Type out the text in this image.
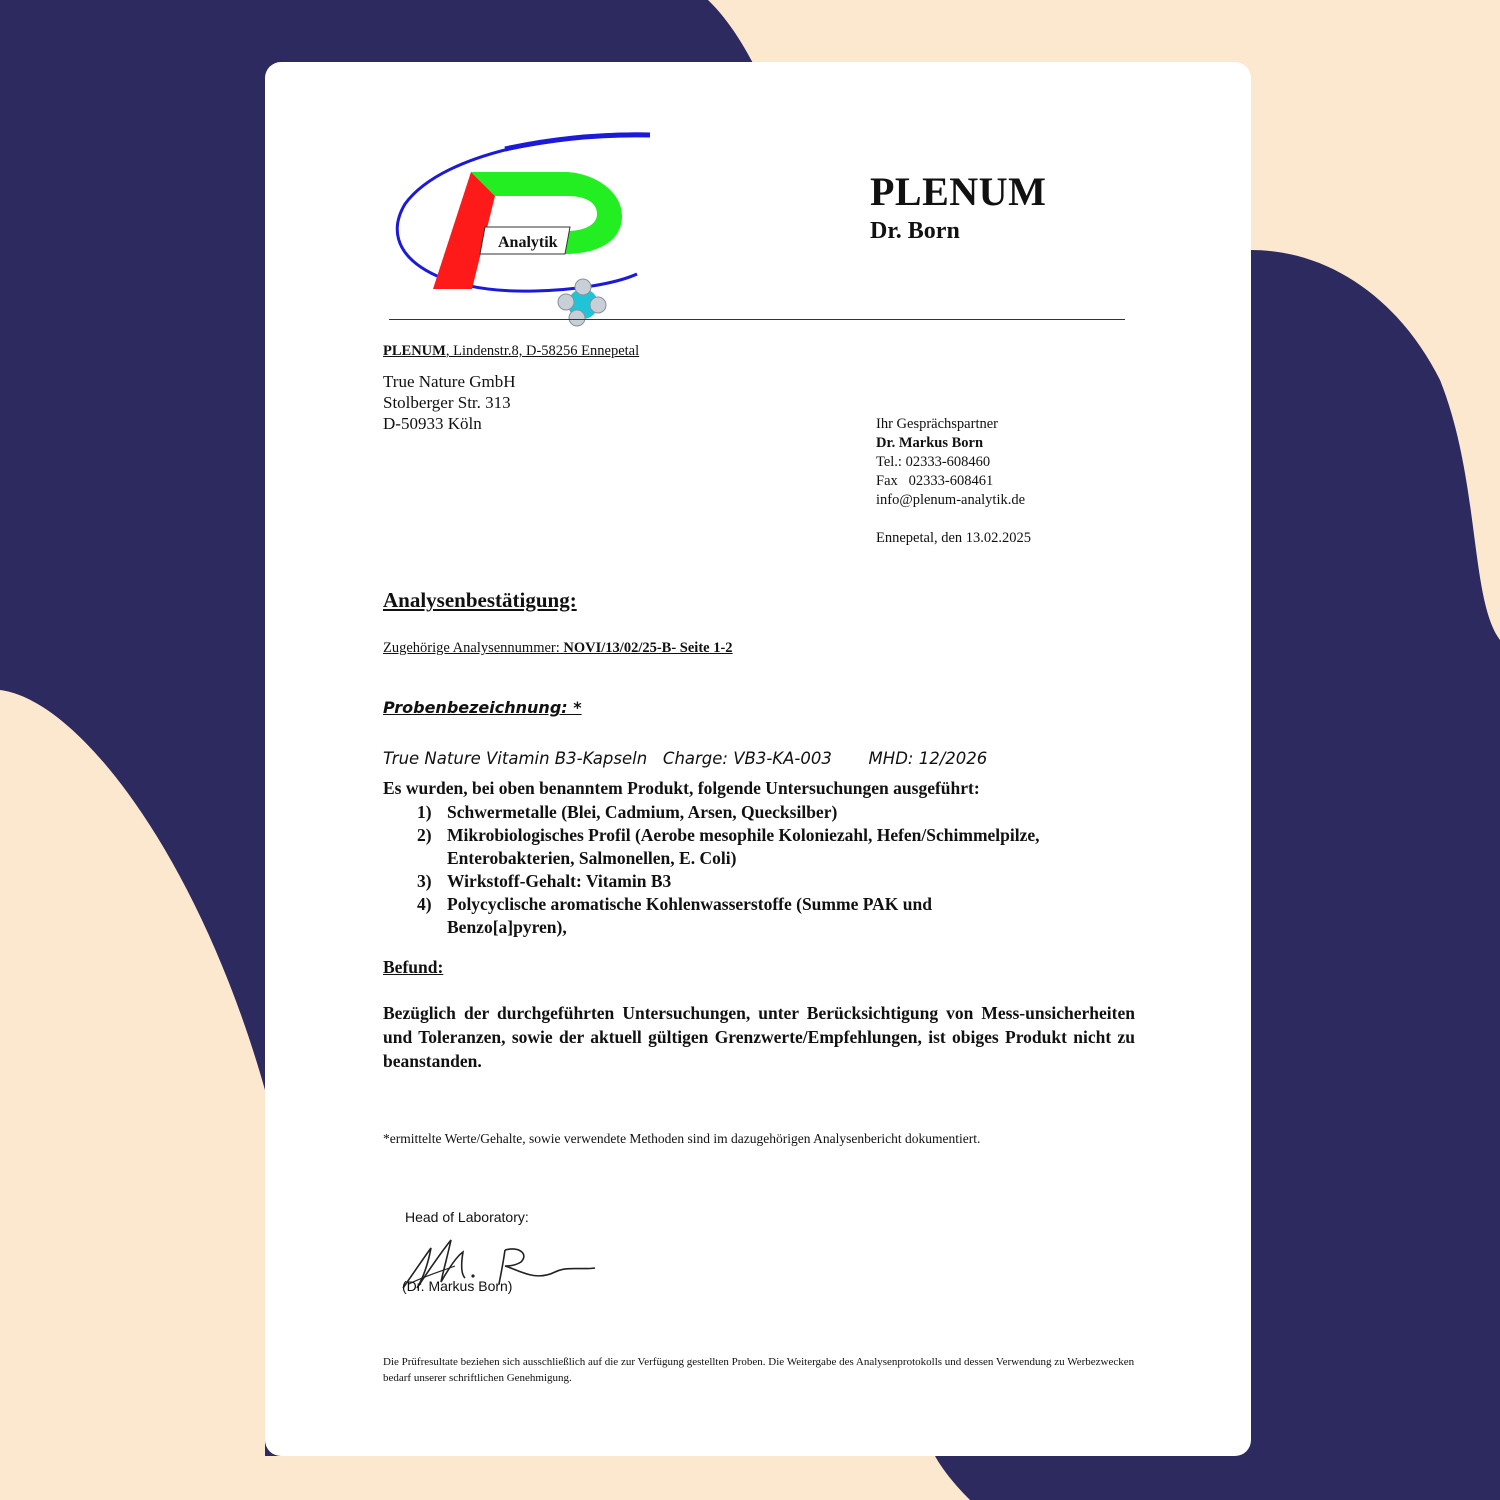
Analytik
PLENUM
Dr. Born
PLENUM, Lindenstr.8, D-58256 Ennepetal
True Nature GmbH
Stolberger Str. 313
D-50933 Köln	Ihr Gesprächspartner
Dr. Markus Born
Tel.: 02333-608460
Fax   02333-608461
info@plenum-analytik.de
Ennepetal, den 13.02.2025
Analysenbestätigung:
Zugehörige Analysennummer: NOVI/13/02/25-B- Seite 1-2
Probenbezeichnung: *
True Nature Vitamin B3-Kapseln   Charge: VB3-KA-003       MHD: 12/2026
Es wurden, bei oben benanntem Produkt, folgende Untersuchungen ausgeführt:
1) Schwermetalle (Blei, Cadmium, Arsen, Quecksilber)
2) Mikrobiologisches Profil (Aerobe mesophile Koloniezahl, Hefen/Schimmelpilze, Enterobakterien, Salmonellen, E. Coli)
3) Wirkstoff-Gehalt: Vitamin B3
4) Polycyclische aromatische Kohlenwasserstoffe (Summe PAK und Benzo[a]pyren),
Befund:
Bezüglich der durchgeführten Untersuchungen, unter Berücksichtigung von Mess-unsicherheiten und Toleranzen, sowie der aktuell gültigen Grenzwerte/Empfehlungen, ist obiges Produkt nicht zu beanstanden.
*ermittelte Werte/Gehalte, sowie verwendete Methoden sind im dazugehörigen Analysenbericht dokumentiert.
Head of Laboratory:
(Dr. Markus Born)
Die Prüfresultate beziehen sich ausschließlich auf die zur Verfügung gestellten Proben. Die Weitergabe des Analysenprotokolls und dessen Verwendung zu Werbezwecken bedarf unserer schriftlichen Genehmigung.
